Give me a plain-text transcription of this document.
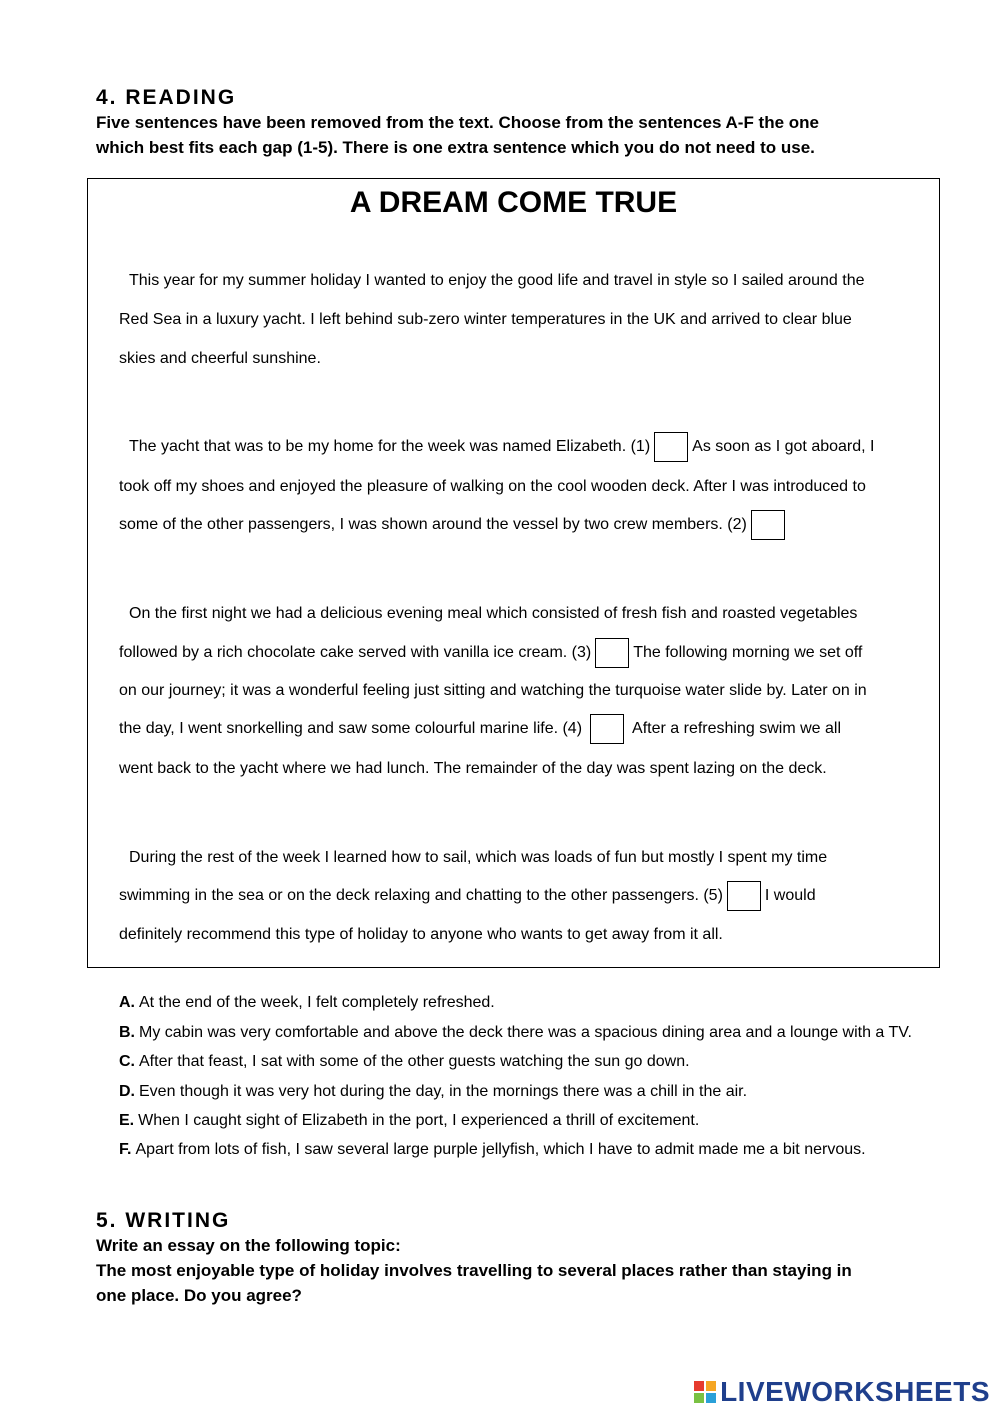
4. READING
Five sentences have been removed from the text. Choose from the sentences A-F the one
which best fits each gap (1-5). There is one extra sentence which you do not need to use.
A DREAM COME TRUE
This year for my summer holiday I wanted to enjoy the good life and travel in style so I sailed around the
Red Sea in a luxury yacht. I left behind sub-zero winter temperatures in the UK and arrived to clear blue
skies and cheerful sunshine.
The yacht that was to be my home for the week was named Elizabeth. (1)	As soon as I got aboard, I
took off my shoes and enjoyed the pleasure of walking on the cool wooden deck. After I was introduced to
some of the other passengers, I was shown around the vessel by two crew members. (2)
On the first night we had a delicious evening meal which consisted of fresh fish and roasted vegetables
followed by a rich chocolate cake served with vanilla ice cream. (3)	The following morning we set off
on our journey; it was a wonderful feeling just sitting and watching the turquoise water slide by. Later on in
the day, I went snorkelling and saw some colourful marine life. (4)	After a refreshing swim we all
went back to the yacht where we had lunch. The remainder of the day was spent lazing on the deck.
During the rest of the week I learned how to sail, which was loads of fun but mostly I spent my time
swimming in the sea or on the deck relaxing and chatting to the other passengers. (5)	I would
definitely recommend this type of holiday to anyone who wants to get away from it all.
A. At the end of the week, I felt completely refreshed.
B. My cabin was very comfortable and above the deck there was a spacious dining area and a lounge with a TV.
C. After that feast, I sat with some of the other guests watching the sun go down.
D. Even though it was very hot during the day, in the mornings there was a chill in the air.
E. When I caught sight of Elizabeth in the port, I experienced a thrill of excitement.
F. Apart from lots of fish, I saw several large purple jellyfish, which I have to admit made me a bit nervous.
5. WRITING
Write an essay on the following topic:
The most enjoyable type of holiday involves travelling to several places rather than staying in
one place. Do you agree?
LIVEWORKSHEETS
